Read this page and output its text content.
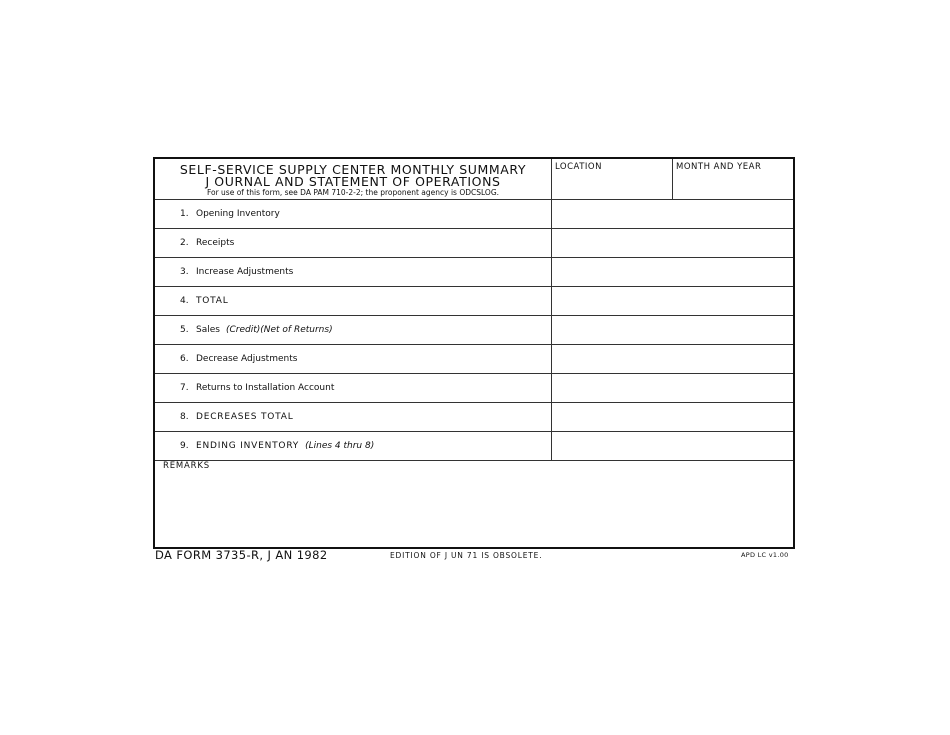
SELF-SERVICE SUPPLY CENTER MONTHLY SUMMARY
J OURNAL AND STATEMENT OF OPERATIONS
For use of this form, see DA PAM 710-2-2; the proponent agency is ODCSLOG.
LOCATION	MONTH AND YEAR
1. Opening Inventory
2. Receipts
3. Increase Adjustments
4. TOTAL
5. Sales (Credit)(Net of Returns)
6. Decrease Adjustments
7. Returns to Installation Account
8. DECREASES TOTAL
9. ENDING INVENTORY (Lines 4 thru 8)
REMARKS
DA FORM 3735-R, J AN 1982	EDITION OF J UN 71 IS OBSOLETE.	APD LC v1.00
